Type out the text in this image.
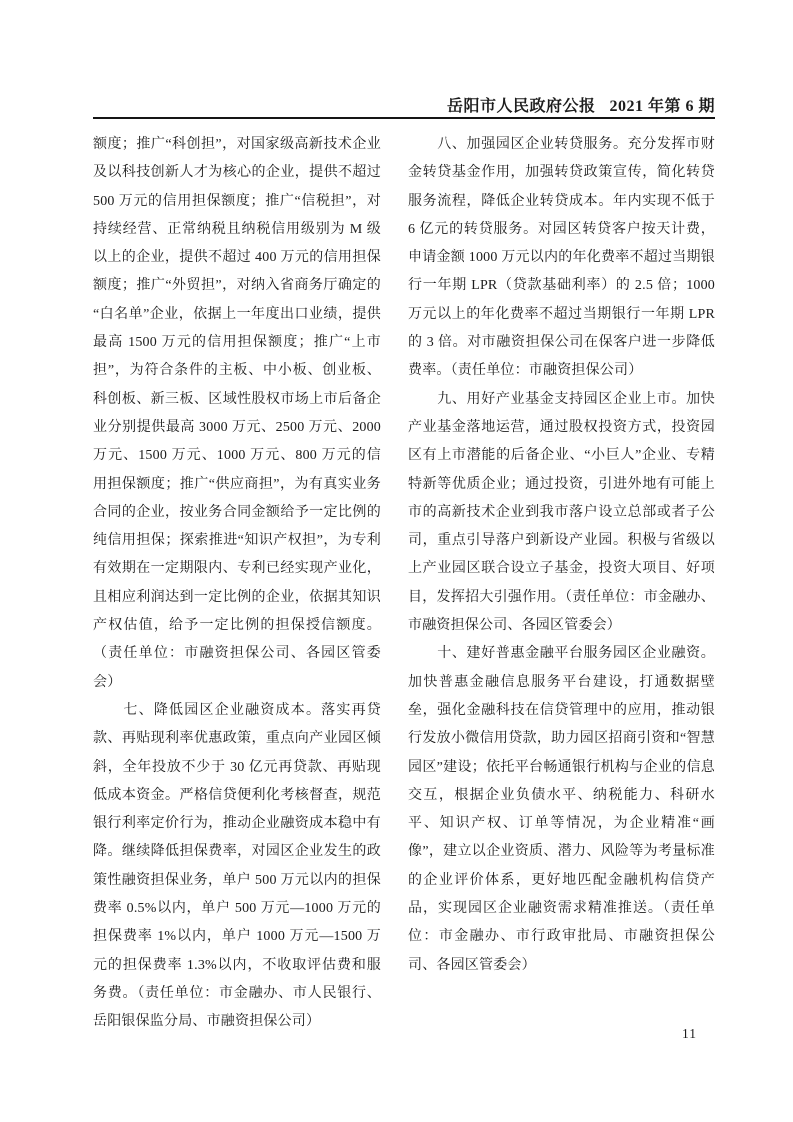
岳阳市人民政府公报 2021 年第 6 期

额度；推广“科创担”，对国家级高新技术企业及以科技创新人才为核心的企业，提供不超过 500 万元的信用担保额度；推广“信税担”，对持续经营、正常纳税且纳税信用级别为 M 级以上的企业，提供不超过 400 万元的信用担保额度；推广“外贸担”，对纳入省商务厅确定的“白名单”企业，依据上一年度出口业绩，提供最高 1500 万元的信用担保额度；推广“上市担”，为符合条件的主板、中小板、创业板、科创板、新三板、区域性股权市场上市后备企业分别提供最高 3000 万元、2500 万元、2000 万元、1500 万元、1000 万元、800 万元的信用担保额度；推广“供应商担”，为有真实业务合同的企业，按业务合同金额给予一定比例的纯信用担保；探索推进“知识产权担”，为专利有效期在一定期限内、专利已经实现产业化，且相应利润达到一定比例的企业，依据其知识产权估值，给予一定比例的担保授信额度。（责任单位：市融资担保公司、各园区管委会）

　　七、降低园区企业融资成本。落实再贷款、再贴现利率优惠政策，重点向产业园区倾斜，全年投放不少于 30 亿元再贷款、再贴现低成本资金。严格信贷便利化考核督查，规范银行利率定价行为，推动企业融资成本稳中有降。继续降低担保费率，对园区企业发生的政策性融资担保业务，单户 500 万元以内的担保费率 0.5%以内，单户 500 万元—1000 万元的担保费率 1%以内，单户 1000 万元—1500 万元的担保费率 1.3%以内，不收取评估费和服务费。（责任单位：市金融办、市人民银行、岳阳银保监分局、市融资担保公司）

　　八、加强园区企业转贷服务。充分发挥市财金转贷基金作用，加强转贷政策宣传，简化转贷服务流程，降低企业转贷成本。年内实现不低于 6 亿元的转贷服务。对园区转贷客户按天计费，申请金额 1000 万元以内的年化费率不超过当期银行一年期 LPR（贷款基础利率）的 2.5 倍；1000 万元以上的年化费率不超过当期银行一年期 LPR 的 3 倍。对市融资担保公司在保客户进一步降低费率。（责任单位：市融资担保公司）

　　九、用好产业基金支持园区企业上市。加快产业基金落地运营，通过股权投资方式，投资园区有上市潜能的后备企业、“小巨人”企业、专精特新等优质企业；通过投资，引进外地有可能上市的高新技术企业到我市落户设立总部或者子公司，重点引导落户到新设产业园。积极与省级以上产业园区联合设立子基金，投资大项目、好项目，发挥招大引强作用。（责任单位：市金融办、市融资担保公司、各园区管委会）

　　十、建好普惠金融平台服务园区企业融资。加快普惠金融信息服务平台建设，打通数据壁垒，强化金融科技在信贷管理中的应用，推动银行发放小微信用贷款，助力园区招商引资和“智慧园区”建设；依托平台畅通银行机构与企业的信息交互，根据企业负债水平、纳税能力、科研水平、知识产权、订单等情况，为企业精准“画像”，建立以企业资质、潜力、风险等为考量标准的企业评价体系，更好地匹配金融机构信贷产品，实现园区企业融资需求精准推送。（责任单位：市金融办、市行政审批局、市融资担保公司、各园区管委会）

11
